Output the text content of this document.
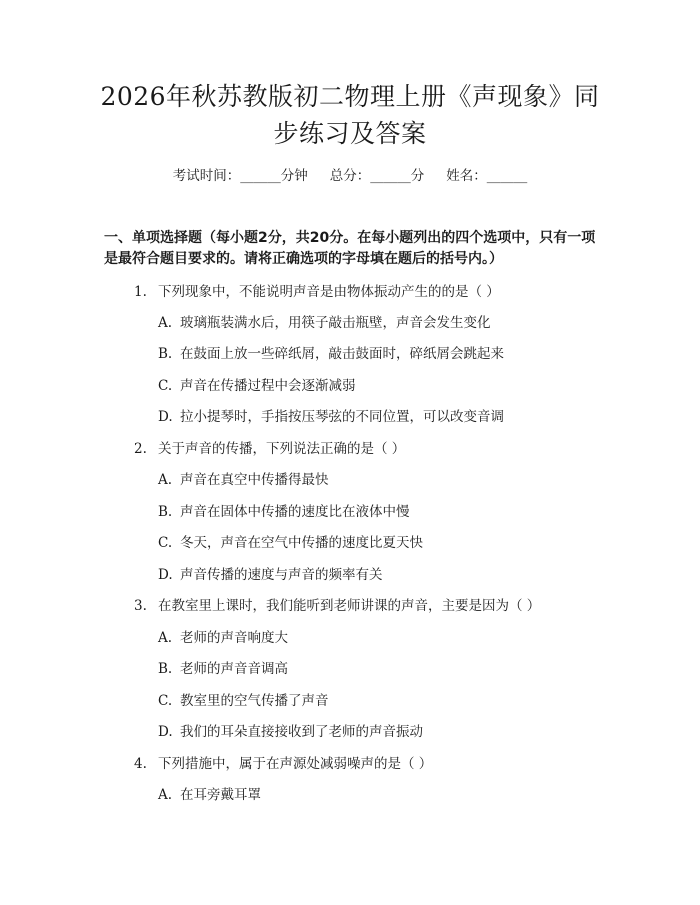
2026年秋苏教版初二物理上册《声现象》同步练习及答案
考试时间：______分钟 总分：______分 姓名：______
一、单项选择题（每小题2分，共20分。在每小题列出的四个选项中，只有一项是最符合题目要求的。请将正确选项的字母填在题后的括号内。）
1. 下列现象中，不能说明声音是由物体振动产生的的是（ ）
A. 玻璃瓶装满水后，用筷子敲击瓶壁，声音会发生变化
B. 在鼓面上放一些碎纸屑，敲击鼓面时，碎纸屑会跳起来
C. 声音在传播过程中会逐渐减弱
D. 拉小提琴时，手指按压琴弦的不同位置，可以改变音调
2. 关于声音的传播，下列说法正确的是（ ）
A. 声音在真空中传播得最快
B. 声音在固体中传播的速度比在液体中慢
C. 冬天，声音在空气中传播的速度比夏天快
D. 声音传播的速度与声音的频率有关
3. 在教室里上课时，我们能听到老师讲课的声音，主要是因为（ ）
A. 老师的声音响度大
B. 老师的声音音调高
C. 教室里的空气传播了声音
D. 我们的耳朵直接接收到了老师的声音振动
4. 下列措施中，属于在声源处减弱噪声的是（ ）
A. 在耳旁戴耳罩
